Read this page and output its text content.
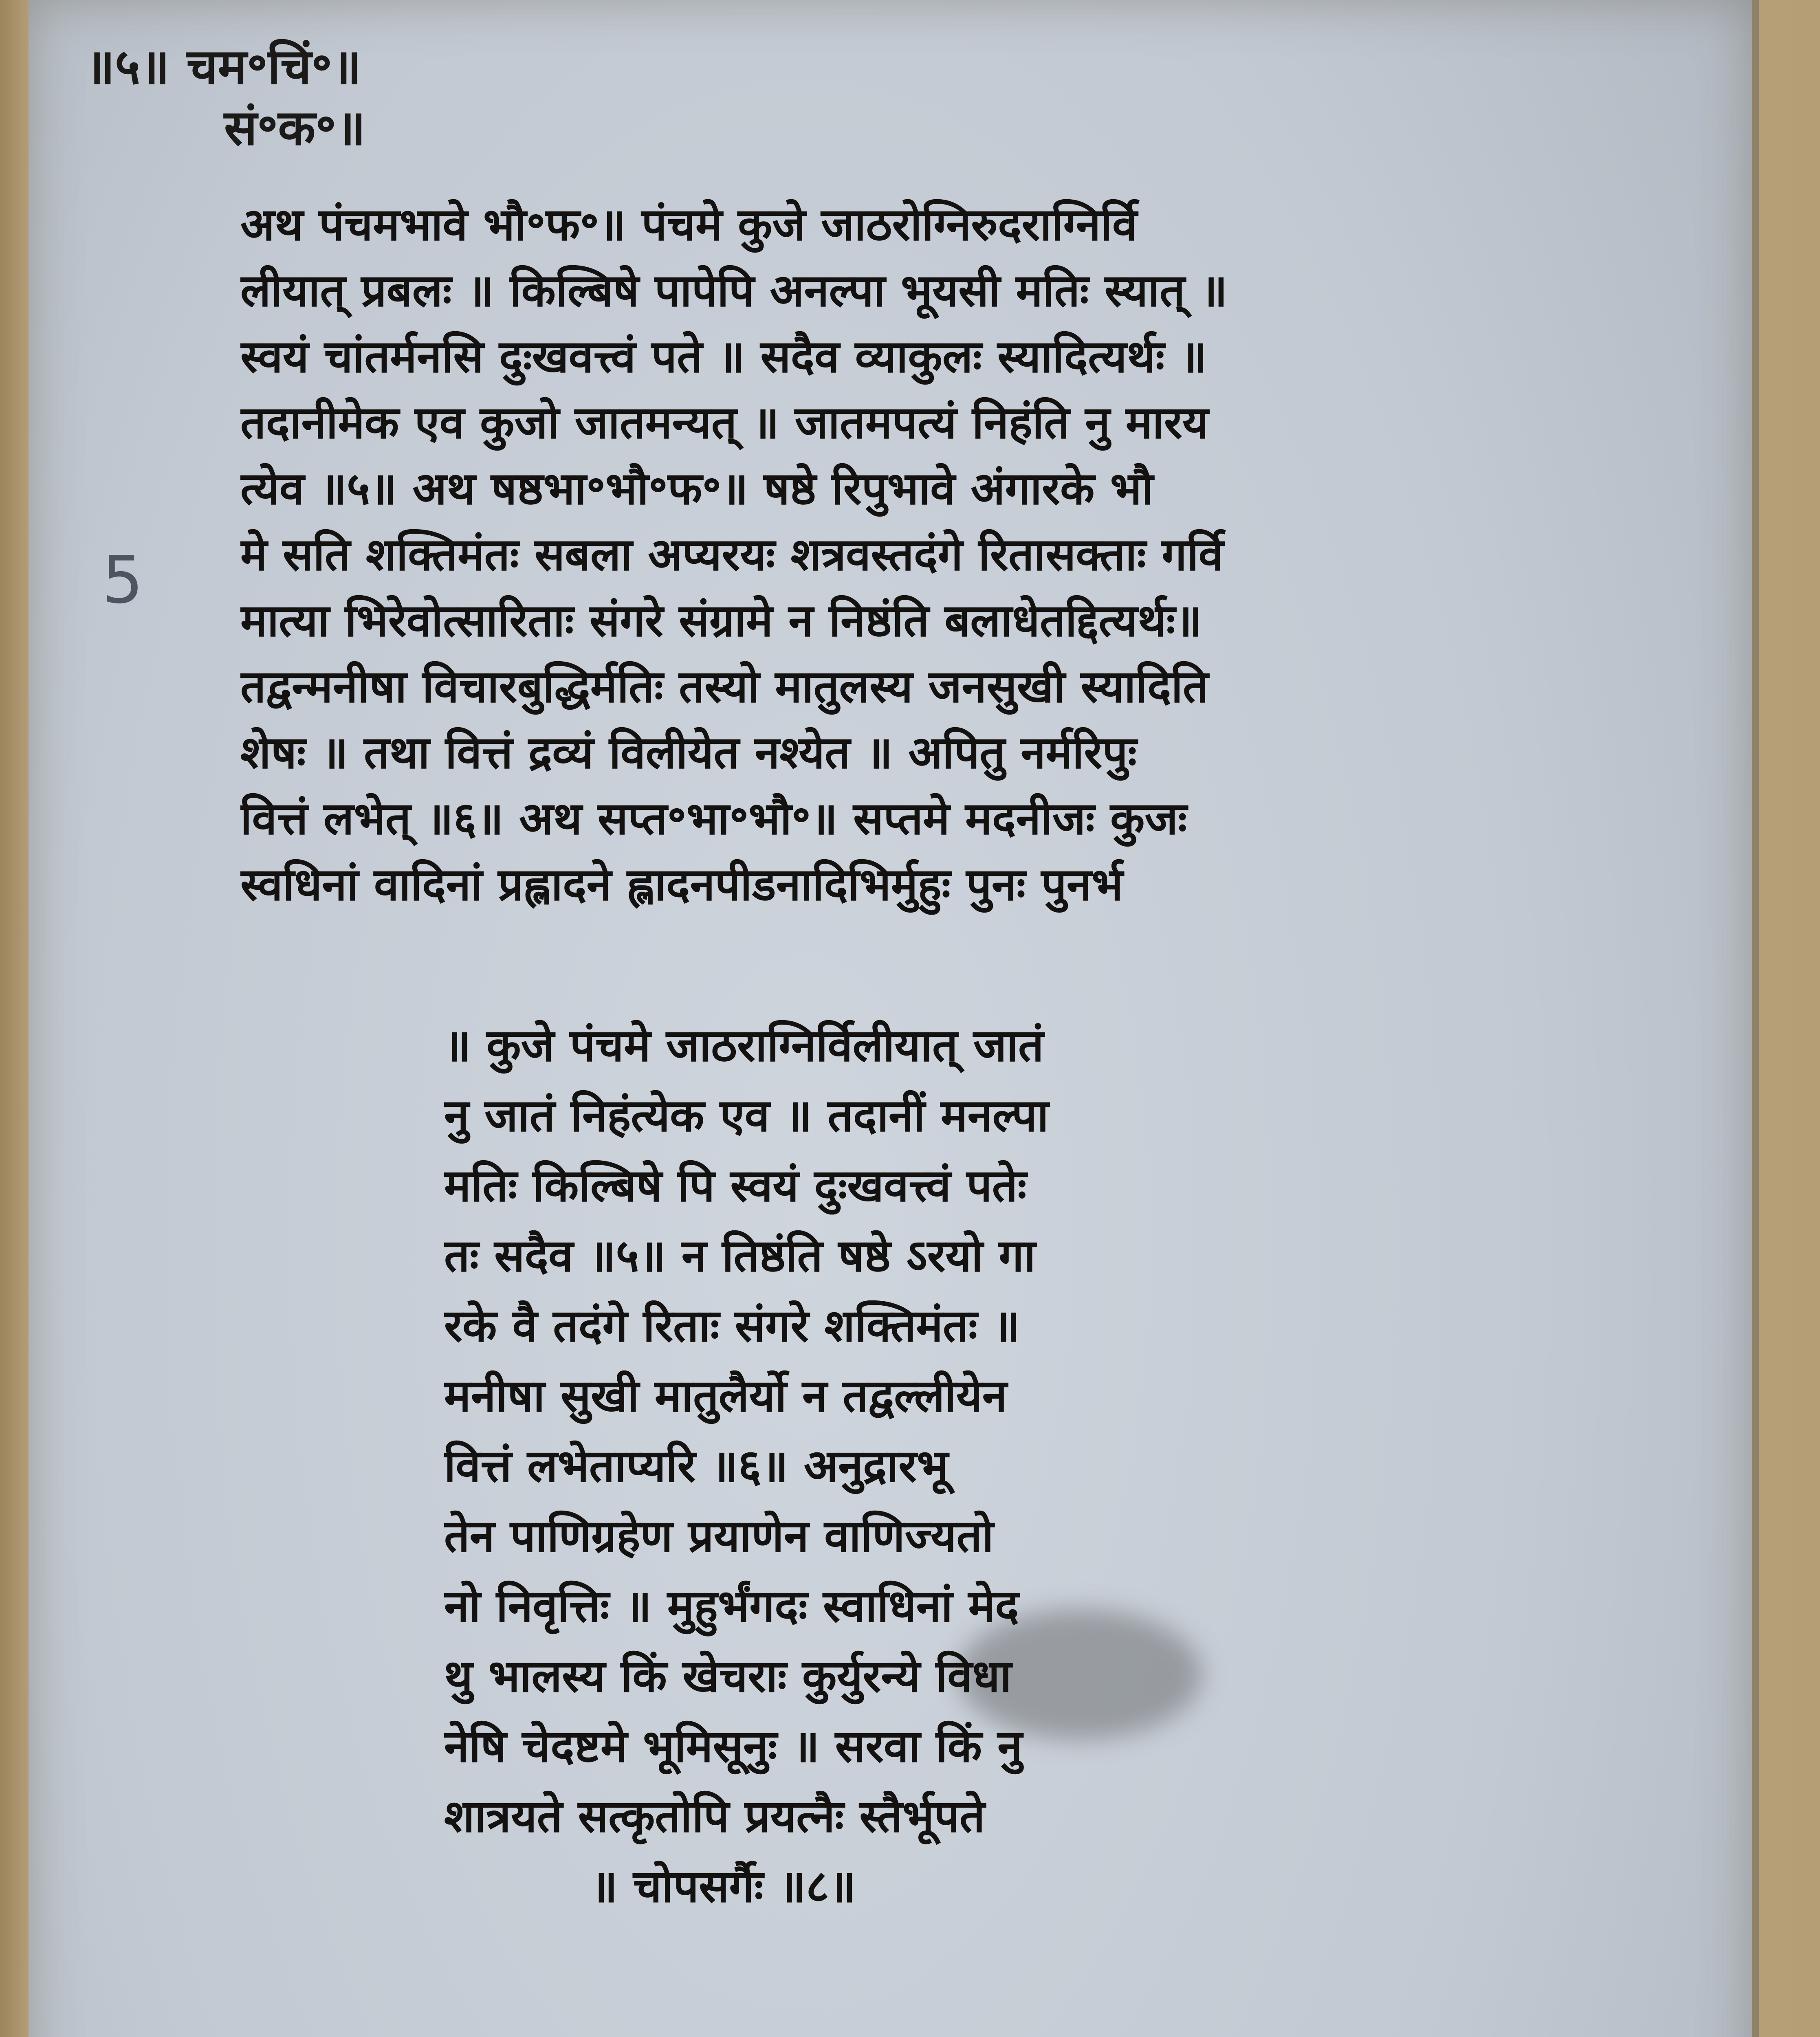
॥५॥ चम॰चिं॰॥
सं॰क॰॥
5
अथ पंचमभावे भौ॰फ॰॥ पंचमे कुजे जाठरोग्निरुदराग्निर्वि
लीयात् प्रबलः ॥ किल्बिषे पापेपि अनल्पा भूयसी मतिः स्यात् ॥
स्वयं चांतर्मनसि दुःखवत्त्वं पते ॥ सदैव व्याकुलः स्यादित्यर्थः ॥
तदानीमेक एव कुजो जातमन्यत् ॥ जातमपत्यं निहंति नु मारय
त्येव ॥५॥ अथ षष्ठभा॰भौ॰फ॰॥ षष्ठे रिपुभावे अंगारके भौ
मे सति शक्तिमंतः सबला अप्यरयः शत्रवस्तदंगे रितासक्ताः गर्वि
मात्या भिरेवोत्सारिताः संगरे संग्रामे न निष्ठंति बलाधेतद्दित्यर्थः॥
तद्वन्मनीषा विचारबुद्धिर्मतिः तस्यो मातुलस्य जनसुखी स्यादिति
शेषः ॥ तथा वित्तं द्रव्यं विलीयेत नश्येत ॥ अपितु नर्मरिपुः
वित्तं लभेत् ॥६॥ अथ सप्त॰भा॰भौ॰॥ सप्तमे मदनीजः कुजः
स्वधिनां वादिनां प्रह्लादने ह्लादनपीडनादिभिर्मुहुः पुनः पुनर्भ
॥ कुजे पंचमे जाठराग्निर्विलीयात् जातं
नु जातं निहंत्येक एव ॥ तदानीं मनल्पा
मतिः किल्बिषे पि स्वयं दुःखवत्त्वं पतेः
तः सदैव ॥५॥ न तिष्ठंति षष्ठे ऽरयो गा
रके वै तदंगे रिताः संगरे शक्तिमंतः ॥
मनीषा सुखी मातुलैर्यो न तद्वल्लीयेन
वित्तं लभेताप्यरि ॥६॥ अनुद्रारभू
तेन पाणिग्रहेण प्रयाणेन वाणिज्यतो
नो निवृत्तिः ॥ मुहुर्भंगदः स्वाधिनां मेद
थु भालस्य किं खेचराः कुर्युरन्ये विधा
नेषि चेदष्टमे भूमिसूनुः ॥ सरवा किं नु
शात्रयते सत्कृतोपि प्रयत्नैः स्तैर्भूपते
॥ चोपसर्गैः ॥८॥
